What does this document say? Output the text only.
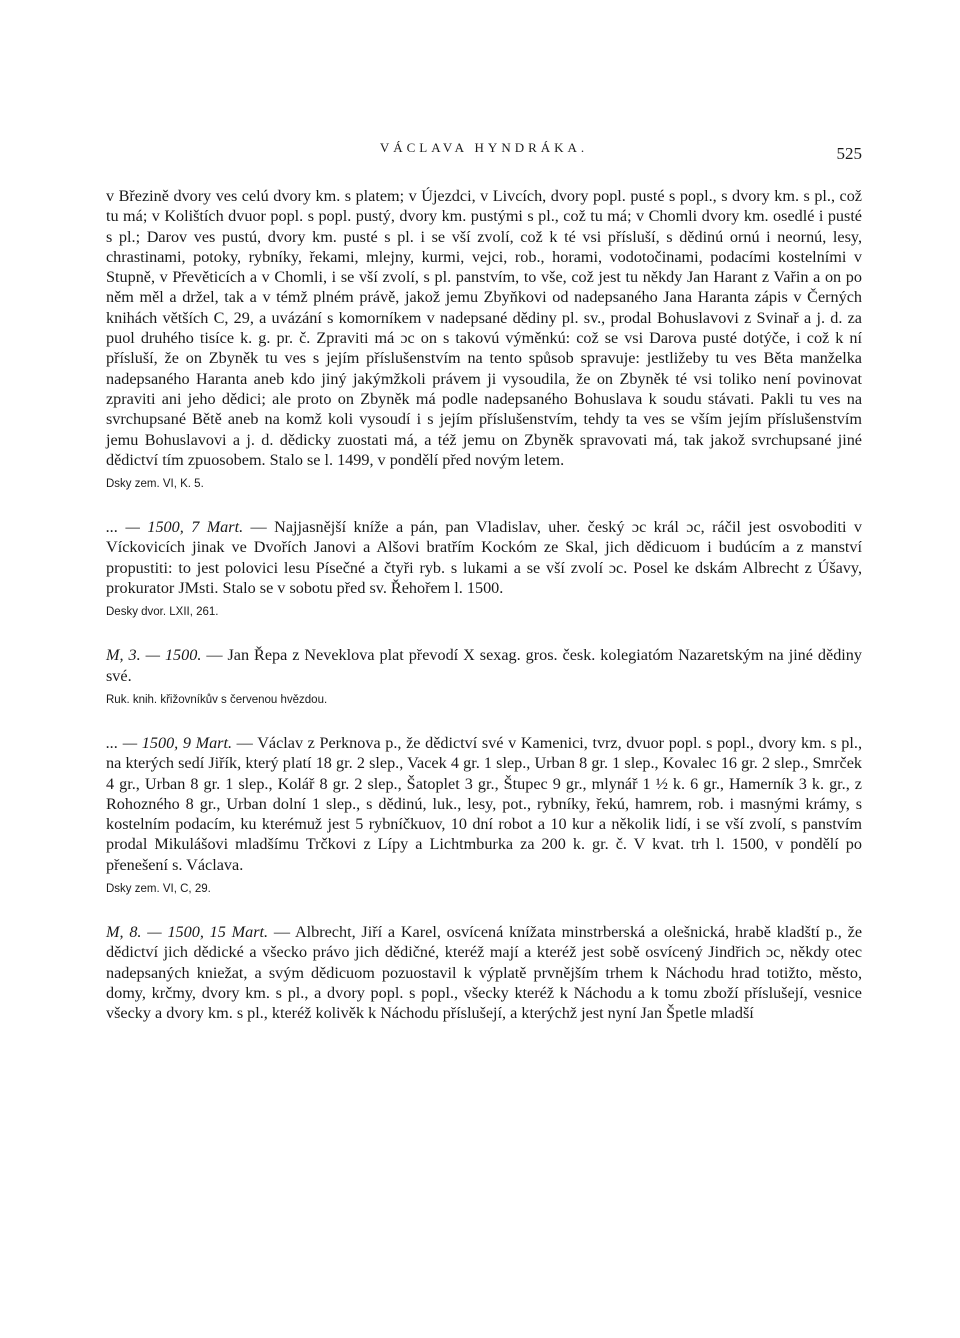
VÁCLAVA HYNDRÁKA.	525

v Březině dvory ves celú dvory km. s platem; v Újezdci, v Livcích, dvory popl. pusté s popl., s dvory km. s pl., což tu má; v Kolištích dvuor popl. s popl. pustý, dvory km. pustými s pl., což tu má; v Chomli dvory km. osedlé i pusté s pl.; Darov ves pustú, dvory km. pusté s pl. i se vší zvolí, což k té vsi přísluší, s dědinú ornú i neornú, lesy, chrastinami, potoky, rybníky, řekami, mlejny, kurmi, vejci, rob., horami, vodotočinami, podacími kostelními v Stupně, v Převěticích a v Chomli, i se vší zvolí, s pl. panstvím, to vše, což jest tu někdy Jan Harant z Vařin a on po něm měl a držel, tak a v témž plném právě, jakož jemu Zbyňkovi od nadepsaného Jana Haranta zápis v Černých knihách větších C, 29, a uvázání s komorníkem v nadepsané dědiny pl. sv., prodal Bohuslavovi z Svinař a j. d. za puol druhého tisíce k. g. pr. č. Zpraviti má ɔc on s takovú výměnkú: což se vsi Darova pusté dotýče, i což k ní přísluší, že on Zbyněk tu ves s jejím příslušenstvím na tento spůsob spravuje: jestližeby tu ves Běta manželka nadepsaného Haranta aneb kdo jiný jakýmžkoli právem ji vysoudila, že on Zbyněk té vsi toliko není povinovat zpraviti ani jeho dědici; ale proto on Zbyněk má podle nadepsaného Bohuslava k soudu stávati. Pakli tu ves na svrchupsané Bětě aneb na komž koli vysoudí i s jejím příslušenstvím, tehdy ta ves se vším jejím příslušenstvím jemu Bohuslavovi a j. d. dědicky zuostati má, a též jemu on Zbyněk spravovati má, tak jakož svrchupsané jiné dědictví tím zpuosobem. Stalo se l. 1499, v pondělí před novým letem.

Dsky zem. VI, K. 5.

... — 1500, 7 Mart. — Najjasnější kníže a pán, pan Vladislav, uher. český ɔc král ɔc, ráčil jest osvoboditi v Víckovicích jinak ve Dvořích Janovi a Alšovi bratřím Kockóm ze Skal, jich dědicuom i budúcím a z manství propustiti: to jest polovici lesu Písečné a čtyři ryb. s lukami a se vší zvolí ɔc. Posel ke dskám Albrecht z Úšavy, prokurator JMsti. Stalo se v sobotu před sv. Řehořem l. 1500.

Desky dvor. LXII, 261.

M, 3. — 1500. — Jan Řepa z Neveklova plat převodí X sexag. gros. česk. kolegiatóm Nazaretským na jiné dědiny své.

Ruk. knih. křižovníkův s červenou hvězdou.

... — 1500, 9 Mart. — Václav z Perknova p., že dědictví své v Kamenici, tvrz, dvuor popl. s popl., dvory km. s pl., na kterých sedí Jiřík, který platí 18 gr. 2 slep., Vacek 4 gr. 1 slep., Urban 8 gr. 1 slep., Kovalec 16 gr. 2 slep., Smrček 4 gr., Urban 8 gr. 1 slep., Kolář 8 gr. 2 slep., Šatoplet 3 gr., Štupec 9 gr., mlynář 1 ½ k. 6 gr., Hamerník 3 k. gr., z Rohozného 8 gr., Urban dolní 1 slep., s dědinú, luk., lesy, pot., rybníky, řekú, hamrem, rob. i masnými krámy, s kostelním podacím, ku kterémuž jest 5 rybníčkuov, 10 dní robot a 10 kur a několik lidí, i se vší zvolí, s panstvím prodal Mikulášovi mladšímu Trčkovi z Lípy a Lichtmburka za 200 k. gr. č. V kvat. trh l. 1500, v pondělí po přenešení s. Václava.

Dsky zem. VI, C, 29.

M, 8. — 1500, 15 Mart. — Albrecht, Jiří a Karel, osvícená knížata minstrberská a olešnická, hrabě kladští p., že dědictví jich dědické a všecko právo jich dědičné, kteréž mají a kteréž jest sobě osvícený Jindřich ɔc, někdy otec nadepsaných kniežat, a svým dědicuom pozuostavil k výplatě prvnějším trhem k Náchodu hrad totižto, město, domy, krčmy, dvory km. s pl., a dvory popl. s popl., všecky kteréž k Náchodu a k tomu zboží příslušejí, vesnice všecky a dvory km. s pl., kteréž kolivěk k Náchodu příslušejí, a kterýchž jest nyní Jan Špetle mladší
